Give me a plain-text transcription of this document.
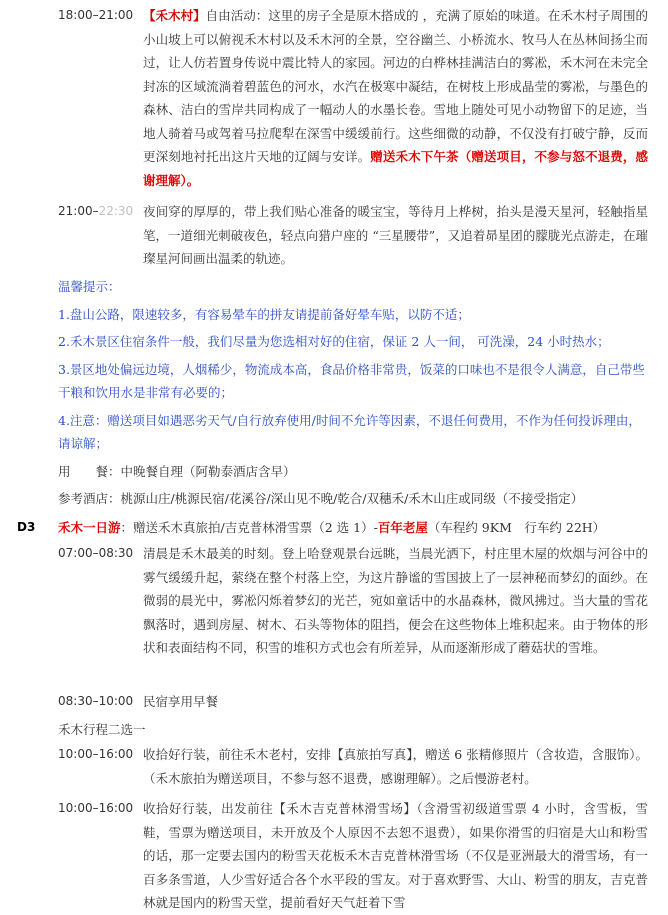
18:00–21:00 【禾木村】自由活动：这里的房子全是原木搭成的 ，充满了原始的味道。在禾木村子周围的小山坡上可以俯视禾木村以及禾木河的全景，空谷幽兰、小桥流水、牧马人在丛林间扬尘而过，让人仿若置身传说中震比特人的家园。河边的白桦林挂满洁白的雾凇，禾木河在未完全封冻的区域流淌着碧蓝色的河水，水汽在极寒中凝结，在树枝上形成晶莹的雾凇，与墨色的森林、洁白的雪岸共同构成了一幅动人的水墨长卷。雪地上随处可见小动物留下的足迹，当地人骑着马或驾着马拉爬犁在深雪中缓缓前行。这些细微的动静，不仅没有打破宁静，反而更深刻地衬托出这片天地的辽阔与安详。赠送禾木下午茶（赠送项目，不参与怒不退费，感谢理解）。
21:00–22:30 夜间穿的厚厚的，带上我们贴心准备的暖宝宝，等待月上桦树，抬头是漫天星河，轻触指星笔，一道细光刺破夜色，轻点向猎户座的 “三星腰带”，又追着昴星团的朦胧光点游走，在璀璨星河间画出温柔的轨迹。
温馨提示：
1.盘山公路，限速较多，有容易晕车的拼友请提前备好晕车贴，以防不适；
2.禾木景区住宿条件一般，我们尽量为您选相对好的住宿，保证 2 人一间， 可洗澡，24 小时热水；
3.景区地处偏远边境，人烟稀少，物流成本高，食品价格非常贵，饭菜的口味也不是很令人满意，自己带些干粮和饮用水是非常有必要的；
4.注意：赠送项目如遇恶劣天气/自行放弃使用/时间不允许等因素，不退任何费用，不作为任何投诉理由，请谅解；
用　　餐：中晚餐自理（阿勒泰酒店含早）
参考酒店：桃源山庄/桃源民宿/花溪谷/深山见不晚/乾合/双穗禾/禾木山庄或同级（不接受指定）
D3 禾木一日游：赠送禾木真旅拍/吉克普林滑雪票（2 选 1）-百年老屋（车程约 9KM　行车约 22H）
07:00–08:30 清晨是禾木最美的时刻。登上哈登观景台远眺，当晨光洒下，村庄里木屋的炊烟与河谷中的雾气缓缓升起，萦绕在整个村落上空，为这片静谧的雪国披上了一层神秘而梦幻的面纱。在微弱的晨光中，雾凇闪烁着梦幻的光芒，宛如童话中的水晶森林，微风拂过。当大量的雪花飘落时，遇到房屋、树木、石头等物体的阻挡，便会在这些物体上堆积起来。由于物体的形状和表面结构不同，积雪的堆积方式也会有所差异，从而逐渐形成了蘑菇状的雪堆。
08:30–10:00 民宿享用早餐
禾木行程二选一
10:00–16:00 收拾好行装，前往禾木老村，安排【真旅拍写真】，赠送 6 张精修照片（含妆造，含服饰）。（禾木旅拍为赠送项目，不参与怒不退费，感谢理解）。之后慢游老村。
10:00–16:00 收拾好行装，出发前往【禾木吉克普林滑雪场】（含滑雪初级道雪票 4 小时，含雪板，雪鞋，雪票为赠送项目，未开放及个人原因不去恕不退费），如果你滑雪的归宿是大山和粉雪的话，那一定要去国内的粉雪天花板禾木吉克普林滑雪场（不仅是亚洲最大的滑雪场，有一百多条雪道，人少雪好适合各个水平段的雪友。对于喜欢野雪、大山、粉雪的朋友，吉克普林就是国内的粉雪天堂，提前看好天气赶着下雪
